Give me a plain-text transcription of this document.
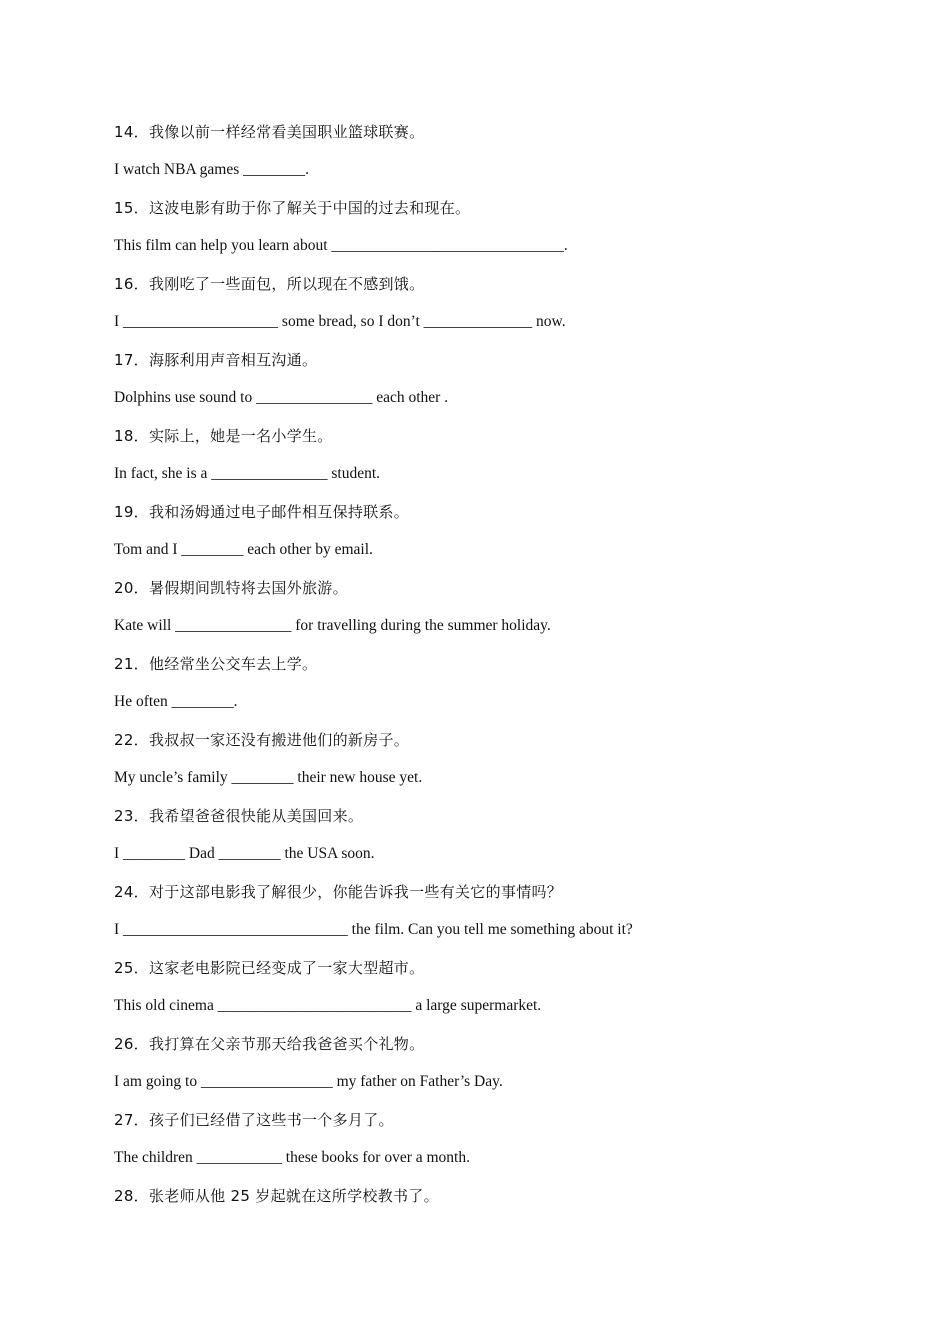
14．我像以前一样经常看美国职业篮球联赛。
I watch NBA games ________.
15．这波电影有助于你了解关于中国的过去和现在。
This film can help you learn about ______________________________.
16．我刚吃了一些面包，所以现在不感到饿。
I ____________________ some bread, so I don’t ______________ now.
17．海豚利用声音相互沟通。
Dolphins use sound to _______________ each other .
18．实际上，她是一名小学生。
In fact, she is a _______________ student.
19．我和汤姆通过电子邮件相互保持联系。
Tom and I ________ each other by email.
20．暑假期间凯特将去国外旅游。
Kate will _______________ for travelling during the summer holiday.
21．他经常坐公交车去上学。
He often ________.
22．我叔叔一家还没有搬进他们的新房子。
My uncle’s family ________ their new house yet.
23．我希望爸爸很快能从美国回来。
I ________ Dad ________ the USA soon.
24．对于这部电影我了解很少，你能告诉我一些有关它的事情吗？
I _____________________________ the film. Can you tell me something about it?
25．这家老电影院已经变成了一家大型超市。
This old cinema _________________________ a large supermarket.
26．我打算在父亲节那天给我爸爸买个礼物。
I am going to _________________ my father on Father’s Day.
27．孩子们已经借了这些书一个多月了。
The children ___________ these books for over a month.
28．张老师从他 25 岁起就在这所学校教书了。
